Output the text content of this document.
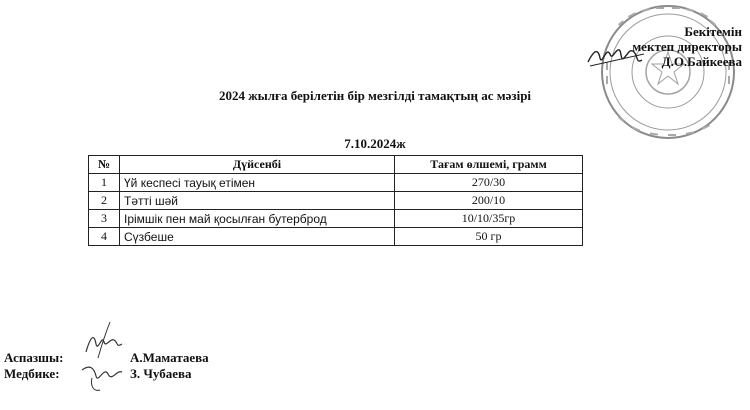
Бекітемін
мектеп директоры
Д.О.Байкеева
2024 жылға берілетін бір мезгілді тамақтың ас мәзірі
7.10.2024ж
№	Дүйсенбі	Тағам өлшемі, грамм
1	Үй кеспесі тауық етімен	270/30
2	Тәтті шәй	200/10
3	Ірімшік пен май қосылған бутерброд	10/10/35гр
4	Сүзбеше	50 гр
Аспазшы:	А.Маматаева
Медбике:	З. Чубаева
